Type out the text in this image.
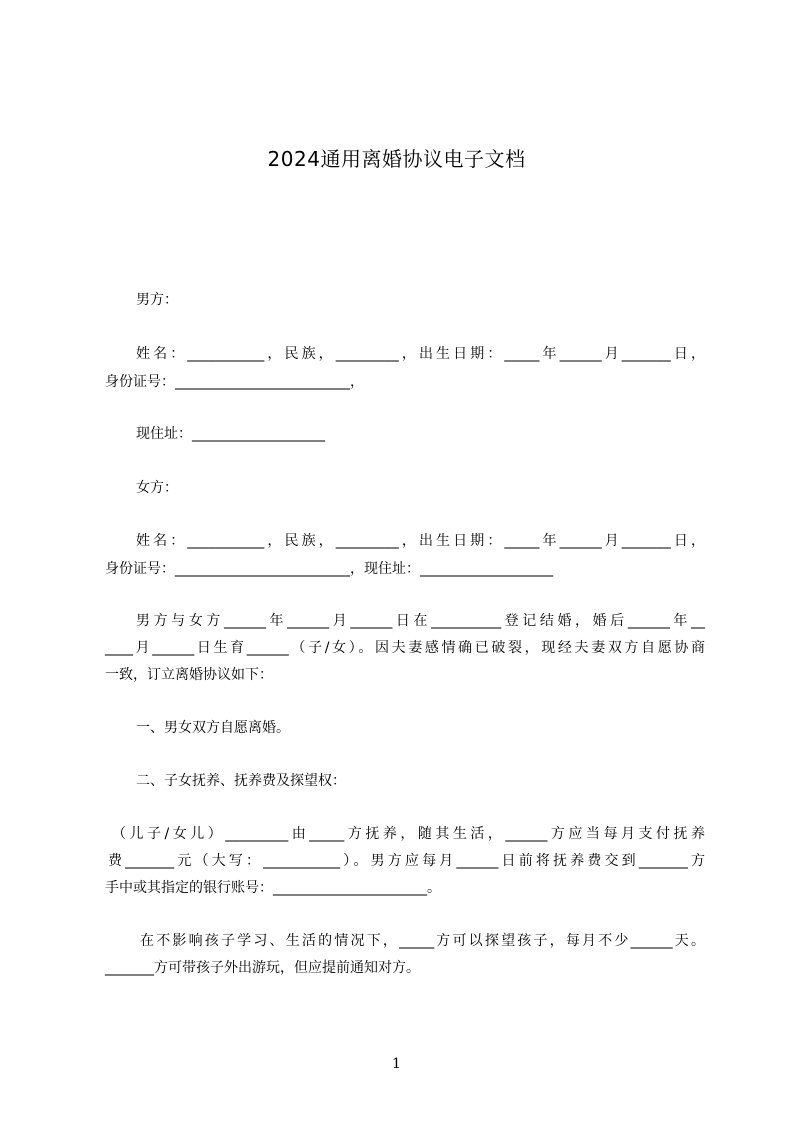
2024通用离婚协议电子文档
男方：
姓名：___________，民族，_________，出生日期：_____年______月_______日，
身份证号：_________________________，
现住址：___________________
女方：
姓名：___________，民族，_________，出生日期：_____年______月_______日，
身份证号：_________________________，现住址：___________________
男方与女方______年______月______日在__________登记结婚，婚后______年__
____月______日生育______（子/女）。因夫妻感情确已破裂，现经夫妻双方自愿协商
一致，订立离婚协议如下：
一、男女双方自愿离婚。
二、子女抚养、抚养费及探望权：
（儿子/女儿）_________由_____方抚养，随其生活，______方应当每月支付抚养
费_______元（大写：___________）。男方应每月______日前将抚养费交到_______方
手中或其指定的银行账号：______________________。
在不影响孩子学习、生活的情况下，_____方可以探望孩子，每月不少______天。
_______方可带孩子外出游玩，但应提前通知对方。
1
